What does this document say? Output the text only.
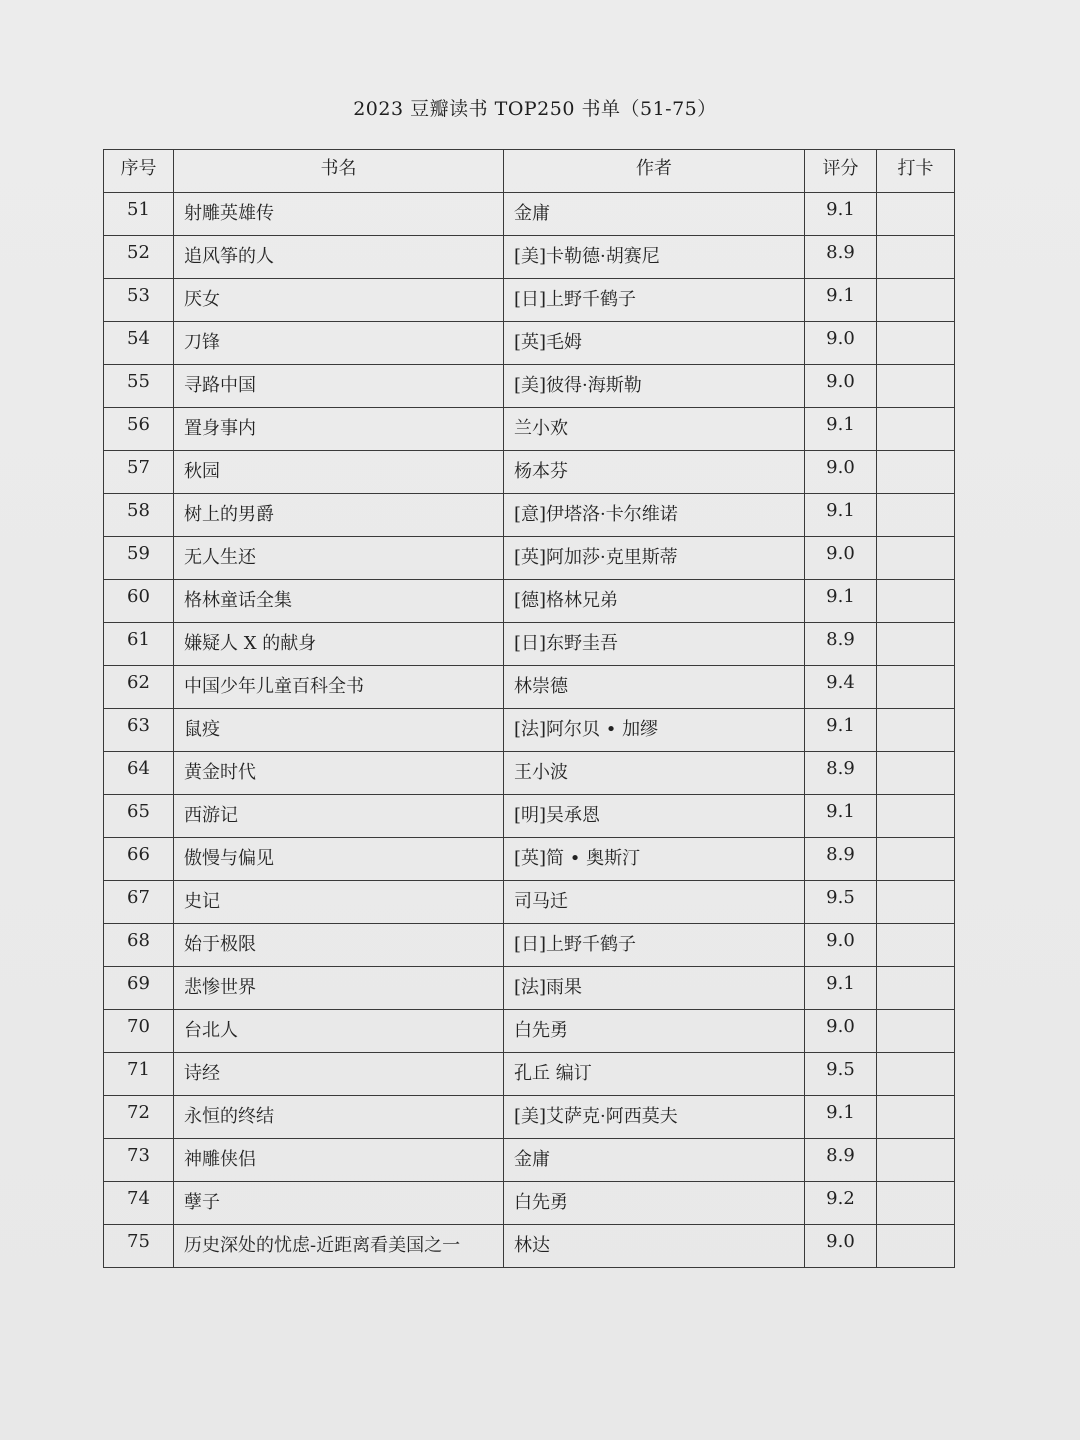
2023 豆瓣读书 TOP250 书单（51-75）
序号	书名	作者	评分	打卡
51	射雕英雄传	金庸	9.1	
52	追风筝的人	[美]卡勒德·胡赛尼	8.9	
53	厌女	[日]上野千鹤子	9.1	
54	刀锋	[英]毛姆	9.0	
55	寻路中国	[美]彼得·海斯勒	9.0	
56	置身事内	兰小欢	9.1	
57	秋园	杨本芬	9.0	
58	树上的男爵	[意]伊塔洛·卡尔维诺	9.1	
59	无人生还	[英]阿加莎·克里斯蒂	9.0	
60	格林童话全集	[德]格林兄弟	9.1	
61	嫌疑人 X 的献身	[日]东野圭吾	8.9	
62	中国少年儿童百科全书	林崇德	9.4	
63	鼠疫	[法]阿尔贝 • 加缪	9.1	
64	黄金时代	王小波	8.9	
65	西游记	[明]吴承恩	9.1	
66	傲慢与偏见	[英]简 • 奥斯汀	8.9	
67	史记	司马迁	9.5	
68	始于极限	[日]上野千鹤子	9.0	
69	悲惨世界	[法]雨果	9.1	
70	台北人	白先勇	9.0	
71	诗经	孔丘 编订	9.5	
72	永恒的终结	[美]艾萨克·阿西莫夫	9.1	
73	神雕侠侣	金庸	8.9	
74	孽子	白先勇	9.2	
75	历史深处的忧虑-近距离看美国之一	林达	9.0	
